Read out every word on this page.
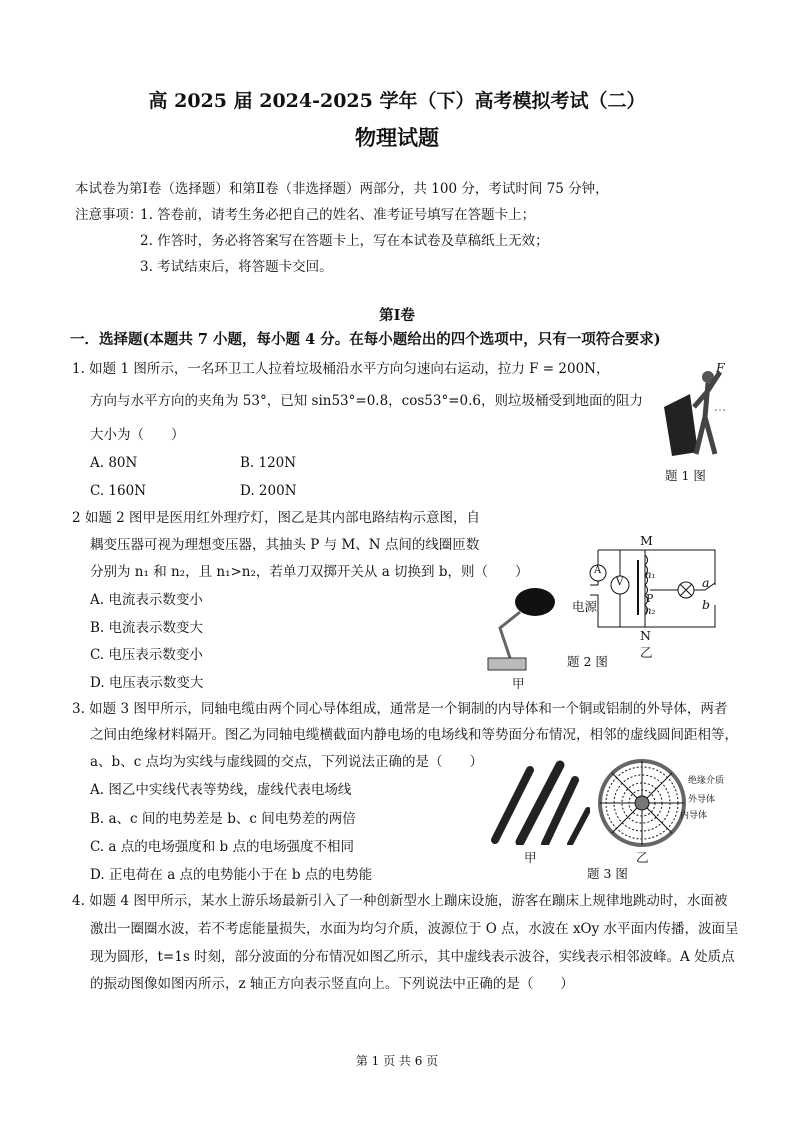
高 2025 届 2024-2025 学年（下）高考模拟考试（二）
物理试题
本试卷为第Ⅰ卷（选择题）和第Ⅱ卷（非选择题）两部分，共 100 分，考试时间 75 分钟，
注意事项：
1. 答卷前，请考生务必把自己的姓名、准考证号填写在答题卡上；
2. 作答时，务必将答案写在答题卡上，写在本试卷及草稿纸上无效；
3. 考试结束后，将答题卡交回。
第Ⅰ卷
一．选择题(本题共 7 小题，每小题 4 分。在每小题给出的四个选项中，只有一项符合要求)
1. 如题 1 图所示，一名环卫工人拉着垃圾桶沿水平方向匀速向右运动，拉力 F = 200N，
方向与水平方向的夹角为 53°，已知 sin53°=0.8，cos53°=0.6，则垃圾桶受到地面的阻力
大小为（　　）
A. 80N	B. 120N
C. 160N	D. 200N
F
题 1 图
2 如题 2 图甲是医用红外理疗灯，图乙是其内部电路结构示意图，自
耦变压器可视为理想变压器，其抽头 P 与 M、N 点间的线圈匝数
分别为 n₁ 和 n₂，且 n₁>n₂，若单刀双掷开关从 a 切换到 b，则（　　）
A. 电流表示数变小
B. 电流表示数变大
C. 电压表示数变小
D. 电压表示数变大	甲
A
V
M
n₁
P
n₂
a
b
电源
N
乙
题 2 图
3. 如题 3 图甲所示，同轴电缆由两个同心导体组成，通常是一个铜制的内导体和一个铜或铝制的外导体，两者
之间由绝缘材料隔开。图乙为同轴电缆横截面内静电场的电场线和等势面分布情况，相邻的虚线圆间距相等，
a、b、c 点均为实线与虚线圆的交点，下列说法正确的是（　　）
A. 图乙中实线代表等势线，虚线代表电场线
B. a、c 间的电势差是 b、c 间电势差的两倍
C. a 点的电场强度和 b 点的电场强度不相同
D. 正电荷在 a 点的电势能小于在 b 点的电势能
甲
绝缘介质
外导体
内导体
乙
题 3 图
4. 如题 4 图甲所示，某水上游乐场最新引入了一种创新型水上蹦床设施，游客在蹦床上规律地跳动时，水面被
激出一圈圈水波，若不考虑能量损失，水面为均匀介质，波源位于 O 点，水波在 xOy 水平面内传播，波面呈
现为圆形，t=1s 时刻，部分波面的分布情况如图乙所示，其中虚线表示波谷，实线表示相邻波峰。A 处质点
的振动图像如图丙所示，z 轴正方向表示竖直向上。下列说法中正确的是（　　）
第 1 页 共 6 页
